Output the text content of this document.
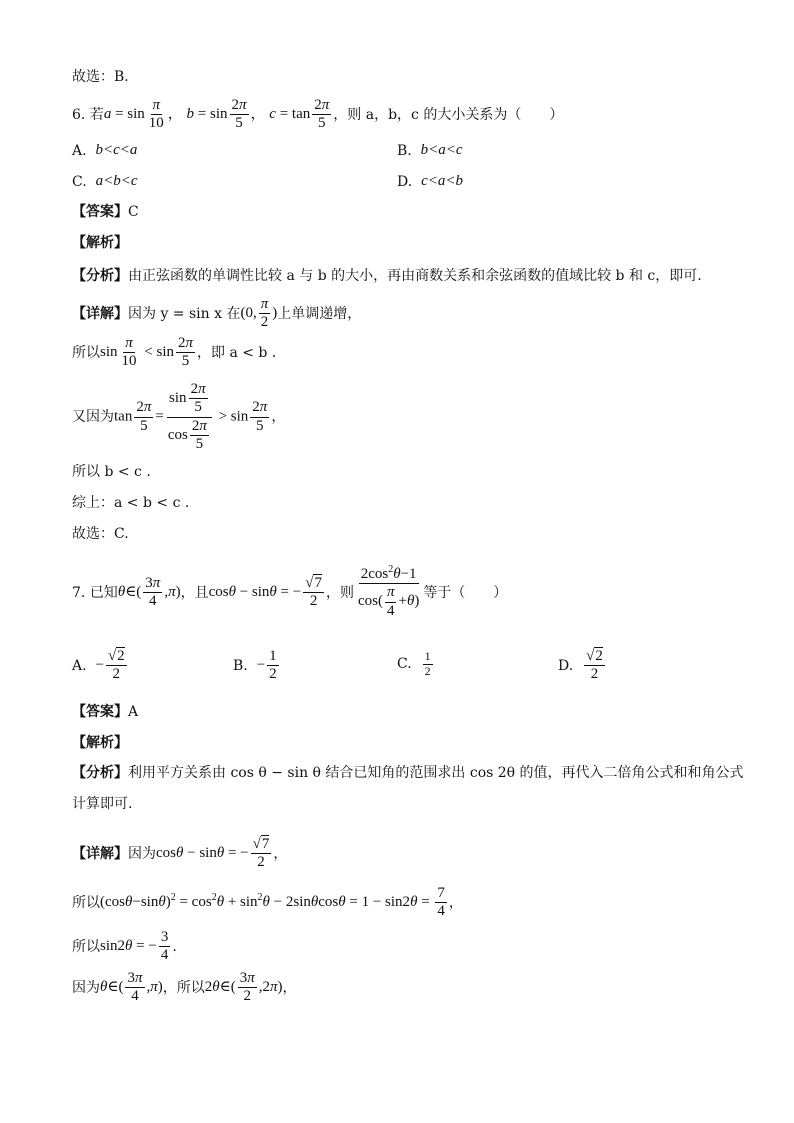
故选：B．
6.
若 $a = \sin \frac{\pi}{10}$ ， $b = \sin \frac{2\pi}{5}$ ， $c = \tan \frac{2\pi}{5}$ ，则 a，b，c 的大小关系为（　　）
A.
b<c<a	B.
b<a<c
C.
a<b<c	D.
c<a<b
【答案】 C
【解析】
【分析】 由正弦函数的单调性比较 a 与 b 的大小，再由商数关系和余弦函数的值域比较 b 和 c，即可.
【详解】 因为 y = sin x 在 (0, $\frac{\pi}{2}$ ) 上单调递增，
所以 $\sin \frac{\pi}{10} < \sin \frac{2\pi}{5}$ ，即 a < b .
又因为 $\tan \frac{2\pi}{5} = \frac{\sin \frac{2\pi}{5}}{\cos \frac{2\pi}{5}} > \sin \frac{2\pi}{5}$ ，
所以 b < c .
综上：a < b < c .
故选：C.
7.
已知 θ∈( $\frac{3\pi}{4} ,\pi$) ，且 cosθ − sinθ = − $\frac{√7}{2}$ ，则 $\frac{2\cos^2\theta-1}{\cos( \frac{\pi}{4} +\theta)}$ 等于（　　）
A.
− $\frac{√2}{2}$	B.
− $\frac{1}{2}$	C.
$\frac{1}{2}$	D.
$\frac{√2}{2}$
【答案】 A
【解析】
【分析】 利用平方关系由 cos θ − sin θ 结合已知角的范围求出 cos 2θ 的值，再代入二倍角公式和和角公式
计算即可.
【详解】 因为 cosθ − sinθ = − $\frac{√7}{2}$ ，
所以 $(\cos\theta-\sin\theta)^2 = \cos^2\theta + \sin^2\theta - 2\sin\theta\cos\theta = 1 - \sin 2\theta = \frac{7}{4}$ ，
所以 sin2θ = − $\frac{3}{4}$ .
因为 θ∈( $\frac{3\pi}{4} ,\pi$) ，所以 2θ∈( $\frac{3\pi}{2} ,2\pi$) ，
